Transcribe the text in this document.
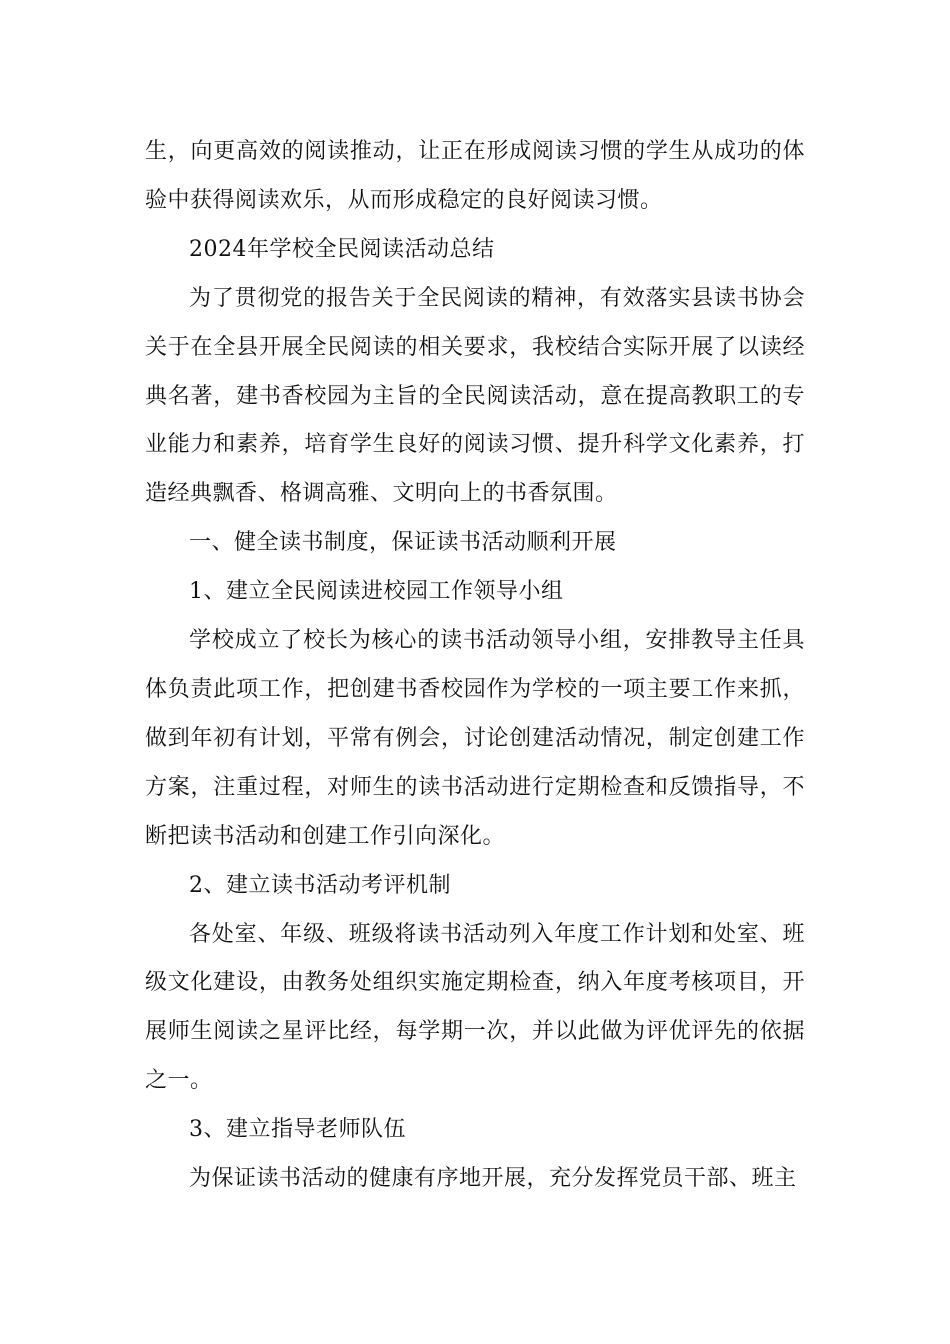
生，向更高效的阅读推动，让正在形成阅读习惯的学生从成功的体验中获得阅读欢乐，从而形成稳定的良好阅读习惯。

2024年学校全民阅读活动总结

为了贯彻党的报告关于全民阅读的精神，有效落实县读书协会关于在全县开展全民阅读的相关要求，我校结合实际开展了以读经典名著，建书香校园为主旨的全民阅读活动，意在提高教职工的专业能力和素养，培育学生良好的阅读习惯、提升科学文化素养，打造经典飘香、格调高雅、文明向上的书香氛围。

一、健全读书制度，保证读书活动顺利开展

1、建立全民阅读进校园工作领导小组

学校成立了校长为核心的读书活动领导小组，安排教导主任具体负责此项工作，把创建书香校园作为学校的一项主要工作来抓，做到年初有计划，平常有例会，讨论创建活动情况，制定创建工作方案，注重过程，对师生的读书活动进行定期检查和反馈指导，不断把读书活动和创建工作引向深化。

2、建立读书活动考评机制

各处室、年级、班级将读书活动列入年度工作计划和处室、班级文化建设，由教务处组织实施定期检查，纳入年度考核项目，开展师生阅读之星评比经，每学期一次，并以此做为评优评先的依据之一。

3、建立指导老师队伍

为保证读书活动的健康有序地开展，充分发挥党员干部、班主
